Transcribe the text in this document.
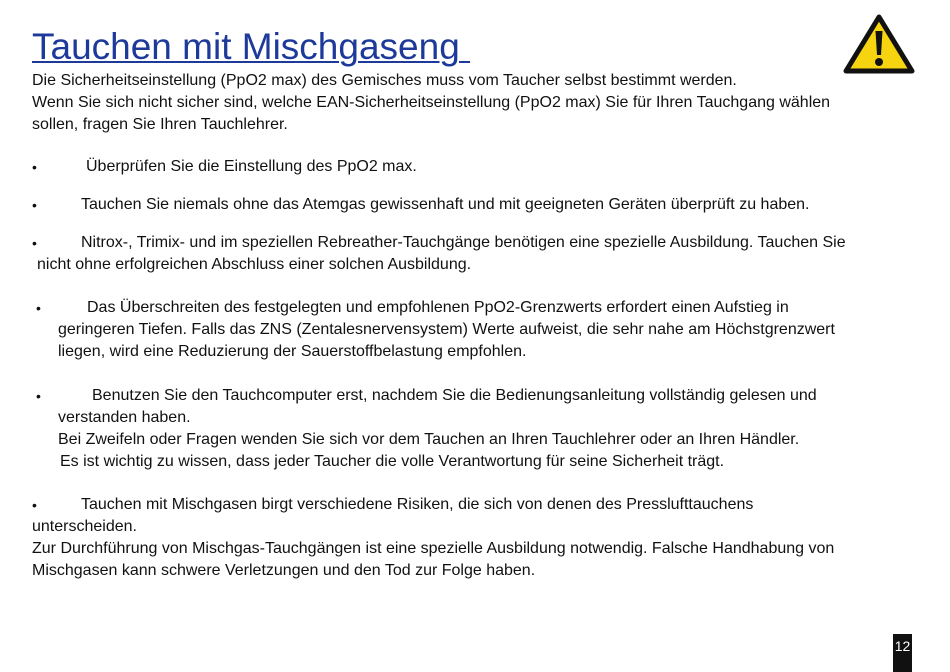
Tauchen mit Mischgaseng
Die Sicherheitseinstellung (PpO2 max) des Gemisches muss vom Taucher selbst bestimmt werden.
Wenn Sie sich nicht sicher sind, welche EAN-Sicherheitseinstellung (PpO2 max) Sie für Ihren Tauchgang wählen
sollen, fragen Sie Ihren Tauchlehrer.
•	Überprüfen Sie die Einstellung des PpO2 max.
•	Tauchen Sie niemals ohne das Atemgas gewissenhaft und mit geeigneten Geräten überprüft zu haben.
•	Nitrox-, Trimix- und im speziellen Rebreather-Tauchgänge benötigen eine spezielle Ausbildung. Tauchen Sie
nicht ohne erfolgreichen Abschluss einer solchen Ausbildung.
•	Das Überschreiten des festgelegten und empfohlenen PpO2-Grenzwerts erfordert einen Aufstieg in
geringeren Tiefen. Falls das ZNS (Zentalesnervensystem) Werte aufweist, die sehr nahe am Höchstgrenzwert
liegen, wird eine Reduzierung der Sauerstoffbelastung empfohlen.
•	Benutzen Sie den Tauchcomputer erst, nachdem Sie die Bedienungsanleitung vollständig gelesen und
verstanden haben.
Bei Zweifeln oder Fragen wenden Sie sich vor dem Tauchen an Ihren Tauchlehrer oder an Ihren Händler.
Es ist wichtig zu wissen, dass jeder Taucher die volle Verantwortung für seine Sicherheit trägt.
•	Tauchen mit Mischgasen birgt verschiedene Risiken, die sich von denen des Presslufttauchens
unterscheiden.
Zur Durchführung von Mischgas-Tauchgängen ist eine spezielle Ausbildung notwendig. Falsche Handhabung von
Mischgasen kann schwere Verletzungen und den Tod zur Folge haben.
12
